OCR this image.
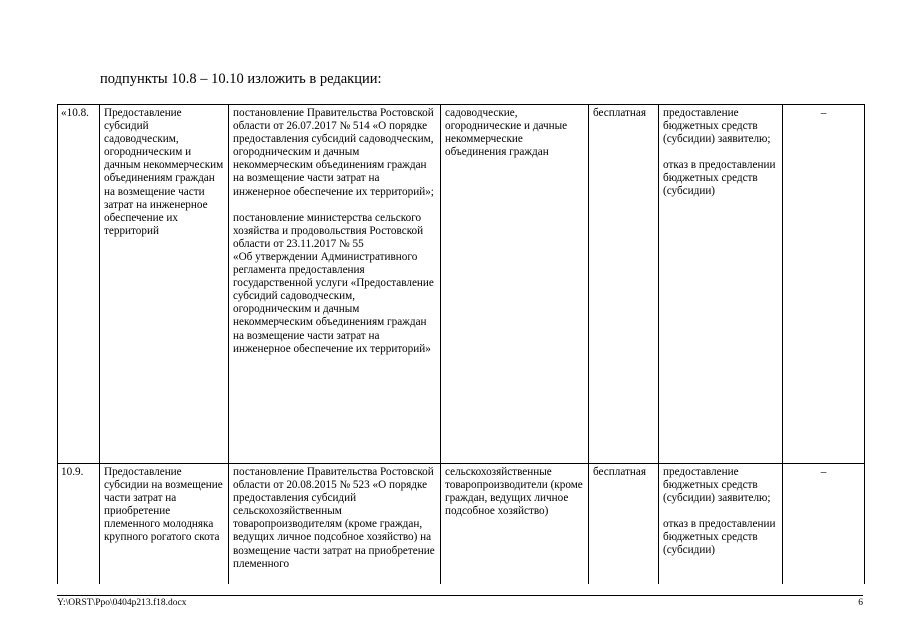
подпункты 10.8 – 10.10 изложить в редакции:

«10.8.	Предоставление субсидий садоводческим, огородническим и дачным некоммерческим объединениям граждан на возмещение части затрат на инженерное обеспечение их территорий	постановление Правительства Ростовской области от 26.07.2017 № 514 «О порядке предоставления субсидий садоводческим, огородническим и дачным некоммерческим объединениям граждан на возмещение части затрат на инженерное обеспечение их территорий»;
постановление министерства сельского хозяйства и продовольствия Ростовской области от 23.11.2017 № 55
«Об утверждении Административного регламента предоставления государственной услуги «Предоставление субсидий садоводческим, огородническим и дачным некоммерческим объединениям граждан на возмещение части затрат на инженерное обеспечение их территорий»	садоводческие, огороднические и дачные некоммерческие объединения граждан	бесплатная	предоставление бюджетных средств (субсидии) заявителю;
отказ в предоставлении бюджетных средств (субсидии)	–
10.9.	Предоставление субсидии на возмещение части затрат на приобретение племенного молодняка крупного рогатого скота	постановление Правительства Ростовской области от 20.08.2015 № 523 «О порядке предоставления субсидий сельскохозяйственным товаропроизводителям (кроме граждан, ведущих личное подсобное хозяйство) на возмещение части затрат на приобретение племенного	сельскохозяйственные товаропроизводители (кроме граждан, ведущих личное подсобное хозяйство)	бесплатная	предоставление бюджетных средств (субсидии) заявителю;
отказ в предоставлении бюджетных средств (субсидии)	–
Y:\ORST\Ppo\0404p213.f18.docx	6
